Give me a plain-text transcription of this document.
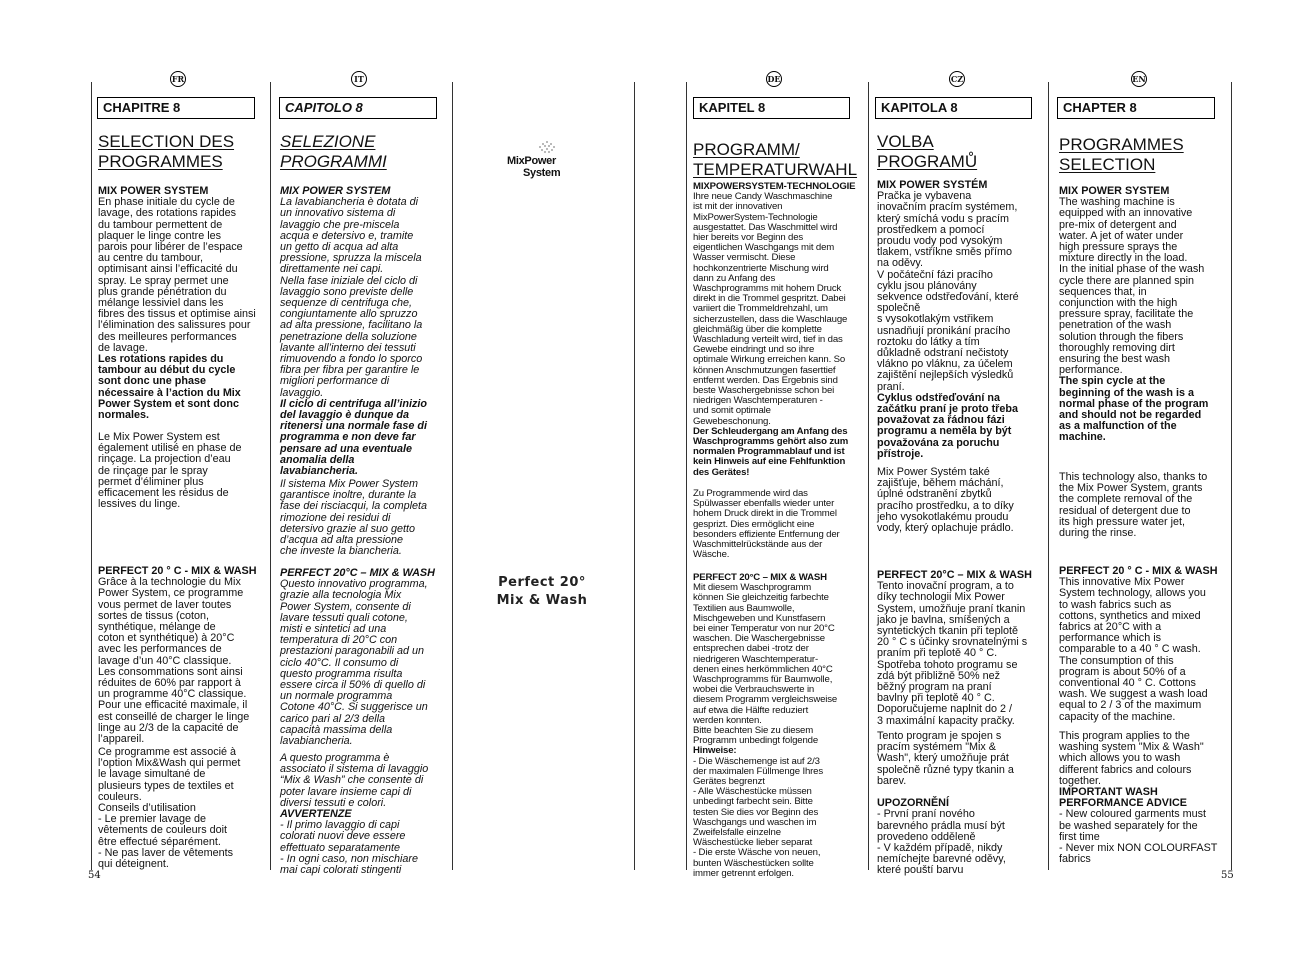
FR	IT	DE	CZ	EN
CHAPITRE 8
SELECTION DES
PROGRAMMES
MIX POWER SYSTEM
En phase initiale du cycle de
lavage, des rotations rapides
du tambour permettent de
plaquer le linge contre les
parois pour libérer de l’espace
au centre du tambour,
optimisant ainsi l’efficacité du
spray. Le spray permet une
plus grande pénétration du
mélange lessiviel dans les
fibres des tissus et optimise ainsi
l’élimination des salissures pour
des meilleures performances
de lavage.
Les rotations rapides du
tambour au début du cycle
sont donc une phase
nécessaire à l’action du Mix
Power System et sont donc
normales.
Le Mix Power System est
également utilisé en phase de
rinçage. La projection d’eau
de rinçage par le spray
permet d’éliminer plus
efficacement les résidus de
lessives du linge.
PERFECT 20 ° C - MIX & WASH
Grâce à la technologie du Mix
Power System, ce programme
vous permet de laver toutes
sortes de tissus (coton,
synthétique, mélange de
coton et synthétique) à 20°C
avec les performances de
lavage d’un 40°C classique.
Les consommations sont ainsi
réduites de 60% par rapport à
un programme 40°C classique.
Pour une efficacité maximale, il
est conseillé de charger le linge
linge au 2/3 de la capacité de
l’appareil.
Ce programme est associé à
l’option Mix&Wash qui permet
le lavage simultané de
plusieurs types de textiles et
couleurs.
Conseils d’utilisation
- Le premier lavage de
vêtements de couleurs doit
être effectué séparément.
- Ne pas laver de vêtements
qui déteignent.
CAPITOLO 8
SELEZIONE
PROGRAMMI
MIX POWER SYSTEM
La lavabiancheria è dotata di
un innovativo sistema di
lavaggio che pre-miscela
acqua e detersivo e, tramite
un getto di acqua ad alta
pressione, spruzza la miscela
direttamente nei capi.
Nella fase iniziale del ciclo di
lavaggio sono previste delle
sequenze di centrifuga che,
congiuntamente allo spruzzo
ad alta pressione, facilitano la
penetrazione della soluzione
lavante all’interno dei tessuti
rimuovendo a fondo lo sporco
fibra per fibra per garantire le
migliori performance di
lavaggio.
Il ciclo di centrifuga all’inizio
del lavaggio è dunque da
ritenersi una normale fase di
programma e non deve far
pensare ad una eventuale
anomalia della
lavabiancheria.
Il sistema Mix Power System
garantisce inoltre, durante la
fase dei risciacqui, la completa
rimozione dei residui di
detersivo grazie al suo getto
d’acqua ad alta pressione
che investe la biancheria.
PERFECT 20°C – MIX & WASH
Questo innovativo programma,
grazie alla tecnologia Mix
Power System, consente di
lavare tessuti quali cotone,
misti e sintetici ad una
temperatura di 20°C con
prestazioni paragonabili ad un
ciclo 40°C. Il consumo di
questo programma risulta
essere circa il 50% di quello di
un normale programma
Cotone 40°C. Si suggerisce un
carico pari al 2/3 della
capacità massima della
lavabiancheria.
A questo programma è
associato il sistema di lavaggio
“Mix & Wash” che consente di
poter lavare insieme capi di
diversi tessuti e colori.
AVVERTENZE
- Il primo lavaggio di capi
colorati nuovi deve essere
effettuato separatamente
- In ogni caso, non mischiare
mai capi colorati stingenti
MixPower
System
Perfect 20°
Mix & Wash
KAPITEL 8
PROGRAMM/
TEMPERATURWAHL
MIXPOWERSYSTEM-TECHNOLOGIE
Ihre neue Candy Waschmaschine
ist mit der innovativen
MixPowerSystem-Technologie
ausgestattet. Das Waschmittel wird
hier bereits vor Beginn des
eigentlichen Waschgangs mit dem
Wasser vermischt. Diese
hochkonzentrierte Mischung wird
dann zu Anfang des
Waschprogramms mit hohem Druck
direkt in die Trommel gespritzt. Dabei
variiert die Trommeldrehzahl, um
sicherzustellen, dass die Waschlauge
gleichmäßig über die komplette
Waschladung verteilt wird, tief in das
Gewebe eindringt und so ihre
optimale Wirkung erreichen kann. So
können Anschmutzungen faserttief
entfernt werden. Das Ergebnis sind
beste Waschergebnisse schon bei
niedrigen Waschtemperaturen -
und somit optimale
Gewebeschonung.
Der Schleudergang am Anfang des
Waschprogramms gehört also zum
normalen Programmablauf und ist
kein Hinweis auf eine Fehlfunktion
des Gerätes!
Zu Programmende wird das
Spülwasser ebenfalls wieder unter
hohem Druck direkt in die Trommel
gesprizt. Dies ermöglicht eine
besonders effiziente Entfernung der
Waschmittelrückstände aus der
Wäsche.
PERFECT 20°C – MIX & WASH
Mit diesem Waschprogramm
können Sie gleichzeitig farbechte
Textilien aus Baumwolle,
Mischgeweben und Kunstfasern
bei einer Temperatur von nur 20°C
waschen. Die Waschergebnisse
entsprechen dabei -trotz der
niedrigeren Waschtemperatur-
denen eines herkömmlichen 40°C
Waschprogramms für Baumwolle,
wobei die Verbrauchswerte in
diesem Programm vergleichsweise
auf etwa die Hälfte reduziert
werden konnten.
Bitte beachten Sie zu diesem
Programm unbedingt folgende
Hinweise:
- Die Wäschemenge ist auf 2/3
der maximalen Füllmenge Ihres
Gerätes begrenzt
- Alle Wäschestücke müssen
unbedingt farbecht sein. Bitte
testen Sie dies vor Beginn des
Waschgangs und waschen im
Zweifelsfalle einzelne
Wäschestücke lieber separat
- Die erste Wäsche von neuen,
bunten Wäschestücken sollte
immer getrennt erfolgen.
KAPITOLA 8
VOLBA
PROGRAMŮ
MIX POWER SYSTÉM
Pračka je vybavena
inovačním pracím systémem,
který smíchá vodu s pracím
prostředkem a pomocí
proudu vody pod vysokým
tlakem, vstříkne směs přímo
na oděvy.
V počáteční fázi pracího
cyklu jsou plánovány
sekvence odstřeďování, které
společně
s vysokotlakým vstřikem
usnadňují pronikání pracího
roztoku do látky a tím
důkladně odstraní nečistoty
vlákno po vláknu, za účelem
zajištění nejlepších výsledků
praní.
Cyklus odstřeďování na
začátku praní je proto třeba
považovat za řádnou fázi
programu a neměla by být
považována za poruchu
přístroje.
Mix Power Systém také
zajišťuje, během máchání,
úplné odstranění zbytků
pracího prostředku, a to díky
jeho vysokotlakému proudu
vody, který oplachuje prádlo.
PERFECT 20°C – MIX & WASH
Tento inovační program, a to
díky technologii Mix Power
System, umožňuje praní tkanin
jako je bavlna, smíšených a
syntetických tkanin při teplotě
20 ° C s účinky srovnatelnými s
praním při teplotě 40 ° C.
Spotřeba tohoto programu se
zdá být přibližně 50% než
běžný program na praní
bavlny při teplotě 40 ° C.
Doporučujeme naplnit do 2 /
3 maximální kapacity pračky.
Tento program je spojen s
pracím systémem "Mix &
Wash", který umožňuje prát
společně různé typy tkanin a
barev.

UPOZORNĚNÍ
- První praní nového
barevného prádla musí být
provedeno odděleně
- V každém případě, nikdy
nemíchejte barevné oděvy,
které pouští barvu
CHAPTER 8
PROGRAMMES
SELECTION
MIX POWER SYSTEM
The washing machine is
equipped with an innovative
pre-mix of detergent and
water. A jet of water under
high pressure sprays the
mixture directly in the load.
In the initial phase of the wash
cycle there are planned spin
sequences that, in
conjunction with the high
pressure spray, facilitate the
penetration of the wash
solution through the fibers
thoroughly removing dirt
ensuring the best wash
performance.
The spin cycle at the
beginning of the wash is a
normal phase of the program
and should not be regarded
as a malfunction of the
machine.
This technology also, thanks to
the Mix Power System, grants
the complete removal of the
residual of detergent due to
its high pressure water jet,
during the rinse.
PERFECT 20 ° C - MIX & WASH
This innovative Mix Power
System technology, allows you
to wash fabrics such as
cottons, synthetics and mixed
fabrics at 20°C with a
performance which is
comparable to a 40 ° C wash.
The consumption of this
program is about 50% of a
conventional 40 ° C. Cottons
wash. We suggest a wash load
equal to 2 / 3 of the maximum
capacity of the machine.
This program applies to the
washing system "Mix & Wash"
which allows you to wash
different fabrics and colours
together.
IMPORTANT WASH
PERFORMANCE ADVICE
- New coloured garments must
be washed separately for the
first time
- Never mix NON COLOURFAST
fabrics
54	55
